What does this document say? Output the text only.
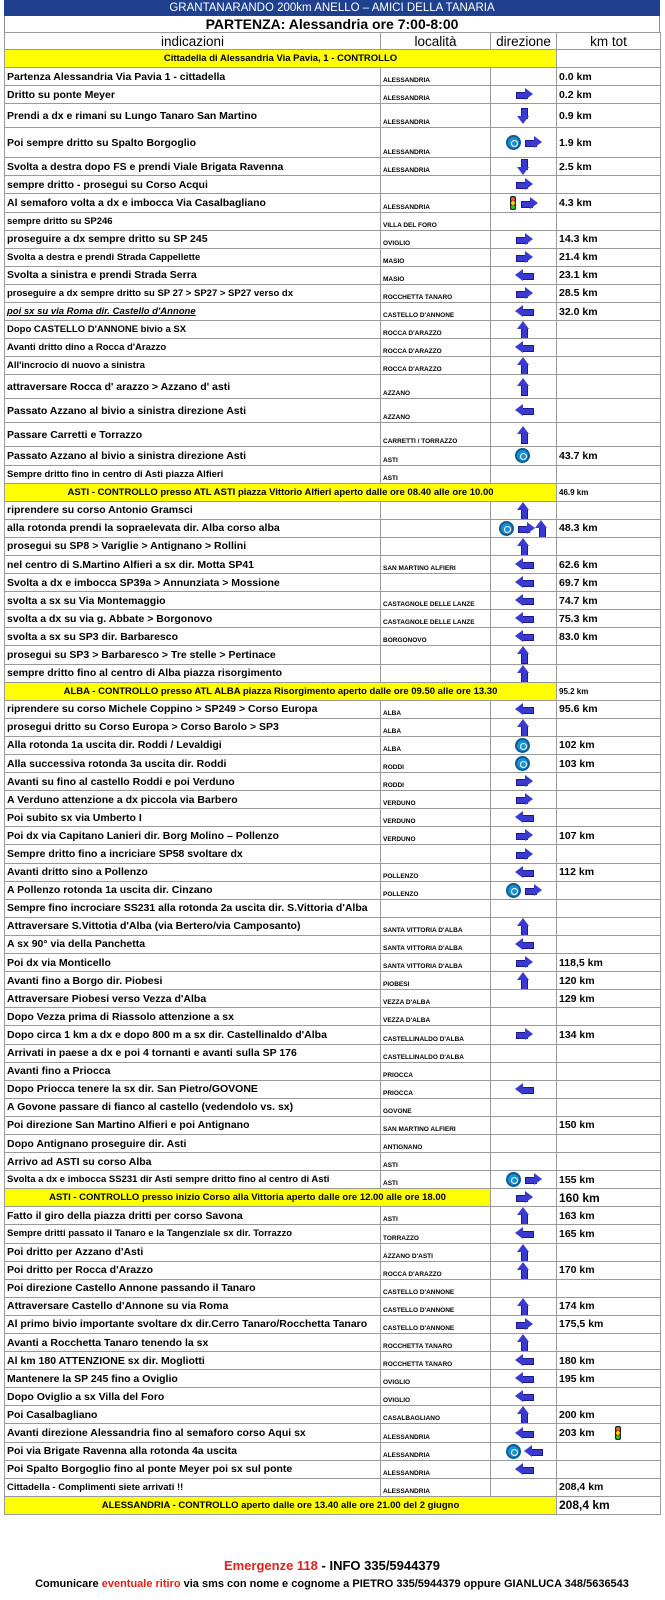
GRANTANARANDO 200km ANELLO – AMICI DELLA TANARIA
PARTENZA: Alessandria ore 7:00-8:00
indicazioni	località	direzione	km tot
Cittadella di Alessandria Via Pavia, 1 - CONTROLLO			
Partenza Alessandria Via Pavia 1 - cittadella	ALESSANDRIA		0.0 km
Dritto su ponte Meyer	ALESSANDRIA		0.2 km
Prendi a dx e rimani su Lungo Tanaro San Martino	ALESSANDRIA		0.9 km
Poi sempre dritto su Spalto Borgoglio	ALESSANDRIA		1.9 km
Svolta a destra dopo FS e prendi Viale Brigata Ravenna	ALESSANDRIA		2.5 km
sempre dritto - prosegui su Corso Acqui			
Al semaforo volta a dx e imbocca Via Casalbagliano	ALESSANDRIA		4.3 km
sempre dritto su SP246	VILLA DEL FORO		
proseguire a dx sempre dritto su SP 245	OVIGLIO		14.3 km
Svolta a destra e prendi Strada Cappellette	MASIO		21.4 km
Svolta a sinistra e prendi Strada Serra	MASIO		23.1 km
proseguire a dx sempre dritto su SP 27 > SP27 > SP27 verso dx	ROCCHETTA TANARO		28.5 km
poi sx su via Roma dir. Castello d'Annone	CASTELLO D'ANNONE		32.0 km
Dopo CASTELLO D'ANNONE bivio a SX	ROCCA D'ARAZZO		
Avanti dritto dino a Rocca d'Arazzo	ROCCA D'ARAZZO		
All'incrocio di nuovo a sinistra	ROCCA D'ARAZZO		
attraversare Rocca d' arazzo > Azzano d' asti	AZZANO		
Passato Azzano al bivio a sinistra direzione Asti	AZZANO		
Passare Carretti e Torrazzo	CARRETTI / TORRAZZO		
Passato Azzano al bivio a sinistra direzione Asti	ASTI		43.7 km
Sempre dritto fino in centro di Asti piazza Alfieri	ASTI		
ASTI - CONTROLLO presso ATL ASTI piazza Vittorio Alfieri aperto dalle ore 08.40 alle ore 10.00			46.9 km
riprendere su corso Antonio Gramsci			
alla rotonda prendi la sopraelevata dir. Alba corso alba			48.3 km
prosegui su SP8 > Variglie > Antignano > Rollini			
nel centro di S.Martino Alfieri a sx dir. Motta SP41	SAN MARTINO ALFIERI		62.6 km
Svolta a dx e imbocca SP39a > Annunziata > Mossione			69.7 km
svolta a sx su Via Montemaggio	CASTAGNOLE DELLE LANZE		74.7 km
svolta a dx su via g. Abbate > Borgonovo	CASTAGNOLE DELLE LANZE		75.3 km
svolta a sx su SP3 dir. Barbaresco	BORGONOVO		83.0 km
prosegui su SP3 > Barbaresco > Tre stelle > Pertinace			
sempre dritto fino al centro di Alba piazza risorgimento			
ALBA - CONTROLLO presso ATL ALBA piazza Risorgimento aperto dalle ore 09.50 alle ore 13.30			95.2 km
riprendere su corso Michele Coppino > SP249 > Corso Europa	ALBA		95.6 km
prosegui dritto su Corso Europa > Corso Barolo > SP3	ALBA		
Alla rotonda 1a uscita dir. Roddi / Levaldigi	ALBA		102 km
Alla successiva rotonda 3a uscita dir. Roddi	RODDI		103 km
Avanti su fino al castello Roddi e poi Verduno	RODDI		
A Verduno attenzione a dx piccola via Barbero	VERDUNO		
Poi subito sx via Umberto I	VERDUNO		
Poi dx via Capitano Lanieri dir. Borg Molino – Pollenzo	VERDUNO		107 km
Sempre dritto fino a incriciare SP58 svoltare dx			
Avanti dritto sino a Pollenzo	POLLENZO		112 km
A Pollenzo rotonda 1a uscita dir. Cinzano	POLLENZO		
Sempre fino incrociare SS231 alla rotonda 2a uscita dir. S.Vittoria d'Alba			
Attraversare S.Vittotia d'Alba (via Bertero/via Camposanto)	SANTA VITTORIA D'ALBA		
A sx 90° via della Panchetta	SANTA VITTORIA D'ALBA		
Poi dx via Monticello	SANTA VITTORIA D'ALBA		118,5 km
Avanti fino a Borgo dir. Piobesi	PIOBESI		120 km
Attraversare Piobesi verso Vezza d'Alba	VEZZA D'ALBA		129 km
Dopo Vezza prima di Riassolo attenzione a sx	VEZZA D'ALBA		
Dopo circa 1 km a dx e dopo 800 m a sx dir. Castellinaldo d'Alba	CASTELLINALDO D'ALBA		134 km
Arrivati in paese a dx e poi 4 tornanti e avanti sulla SP 176	CASTELLINALDO D'ALBA		
Avanti fino a Priocca	PRIOCCA		
Dopo Priocca tenere la sx dir. San Pietro/GOVONE	PRIOCCA		
A Govone passare di fianco al castello (vedendolo vs. sx)	GOVONE		
Poi direzione San Martino Alfieri e poi Antignano	SAN MARTINO ALFIERI		150 km
Dopo Antignano proseguire dir. Asti	ANTIGNANO		
Arrivo ad ASTI su corso Alba	ASTI		
Svolta a dx e imbocca SS231 dir Asti sempre dritto fino al centro di Asti	ASTI		155 km
ASTI - CONTROLLO presso inizio Corso alla Vittoria aperto dalle ore 12.00 alle ore 18.00			160 km
Fatto il giro della piazza dritti per corso Savona	ASTI		163 km
Sempre dritti passato il Tanaro e la Tangenziale sx dir. Torrazzo	TORRAZZO		165 km
Poi dritto per Azzano d'Asti	AZZANO D'ASTI		
Poi dritto per Rocca d'Arazzo	ROCCA D'ARAZZO		170 km
Poi direzione Castello Annone passando il Tanaro	CASTELLO D'ANNONE		
Attraversare Castello d'Annone su via Roma	CASTELLO D'ANNONE		174 km
Al primo bivio importante svoltare dx dir.Cerro Tanaro/Rocchetta Tanaro	CASTELLO D'ANNONE		175,5 km
Avanti a Rocchetta Tanaro tenendo la sx	ROCCHETTA TANARO		
Al km 180 ATTENZIONE sx dir. Mogliotti	ROCCHETTA TANARO		180 km
Mantenere la SP 245 fino a Oviglio	OVIGLIO		195 km
Dopo Oviglio a sx Villa del Foro	OVIGLIO		
Poi Casalbagliano	CASALBAGLIANO		200 km
Avanti direzione Alessandria fino al semaforo corso Aqui sx	ALESSANDRIA		203 km
Poi via Brigate Ravenna alla rotonda 4a uscita	ALESSANDRIA		
Poi Spalto Borgoglio fino al ponte Meyer poi sx sul ponte	ALESSANDRIA		
Cittadella - Complimenti siete arrivati !!	ALESSANDRIA		208,4 km
ALESSANDRIA - CONTROLLO aperto dalle ore 13.40 alle ore 21.00 del 2 giugno			208,4 km
Emergenze 118 - INFO 335/5944379
Comunicare eventuale ritiro via sms con nome e cognome a PIETRO 335/5944379 oppure GIANLUCA 348/5636543
